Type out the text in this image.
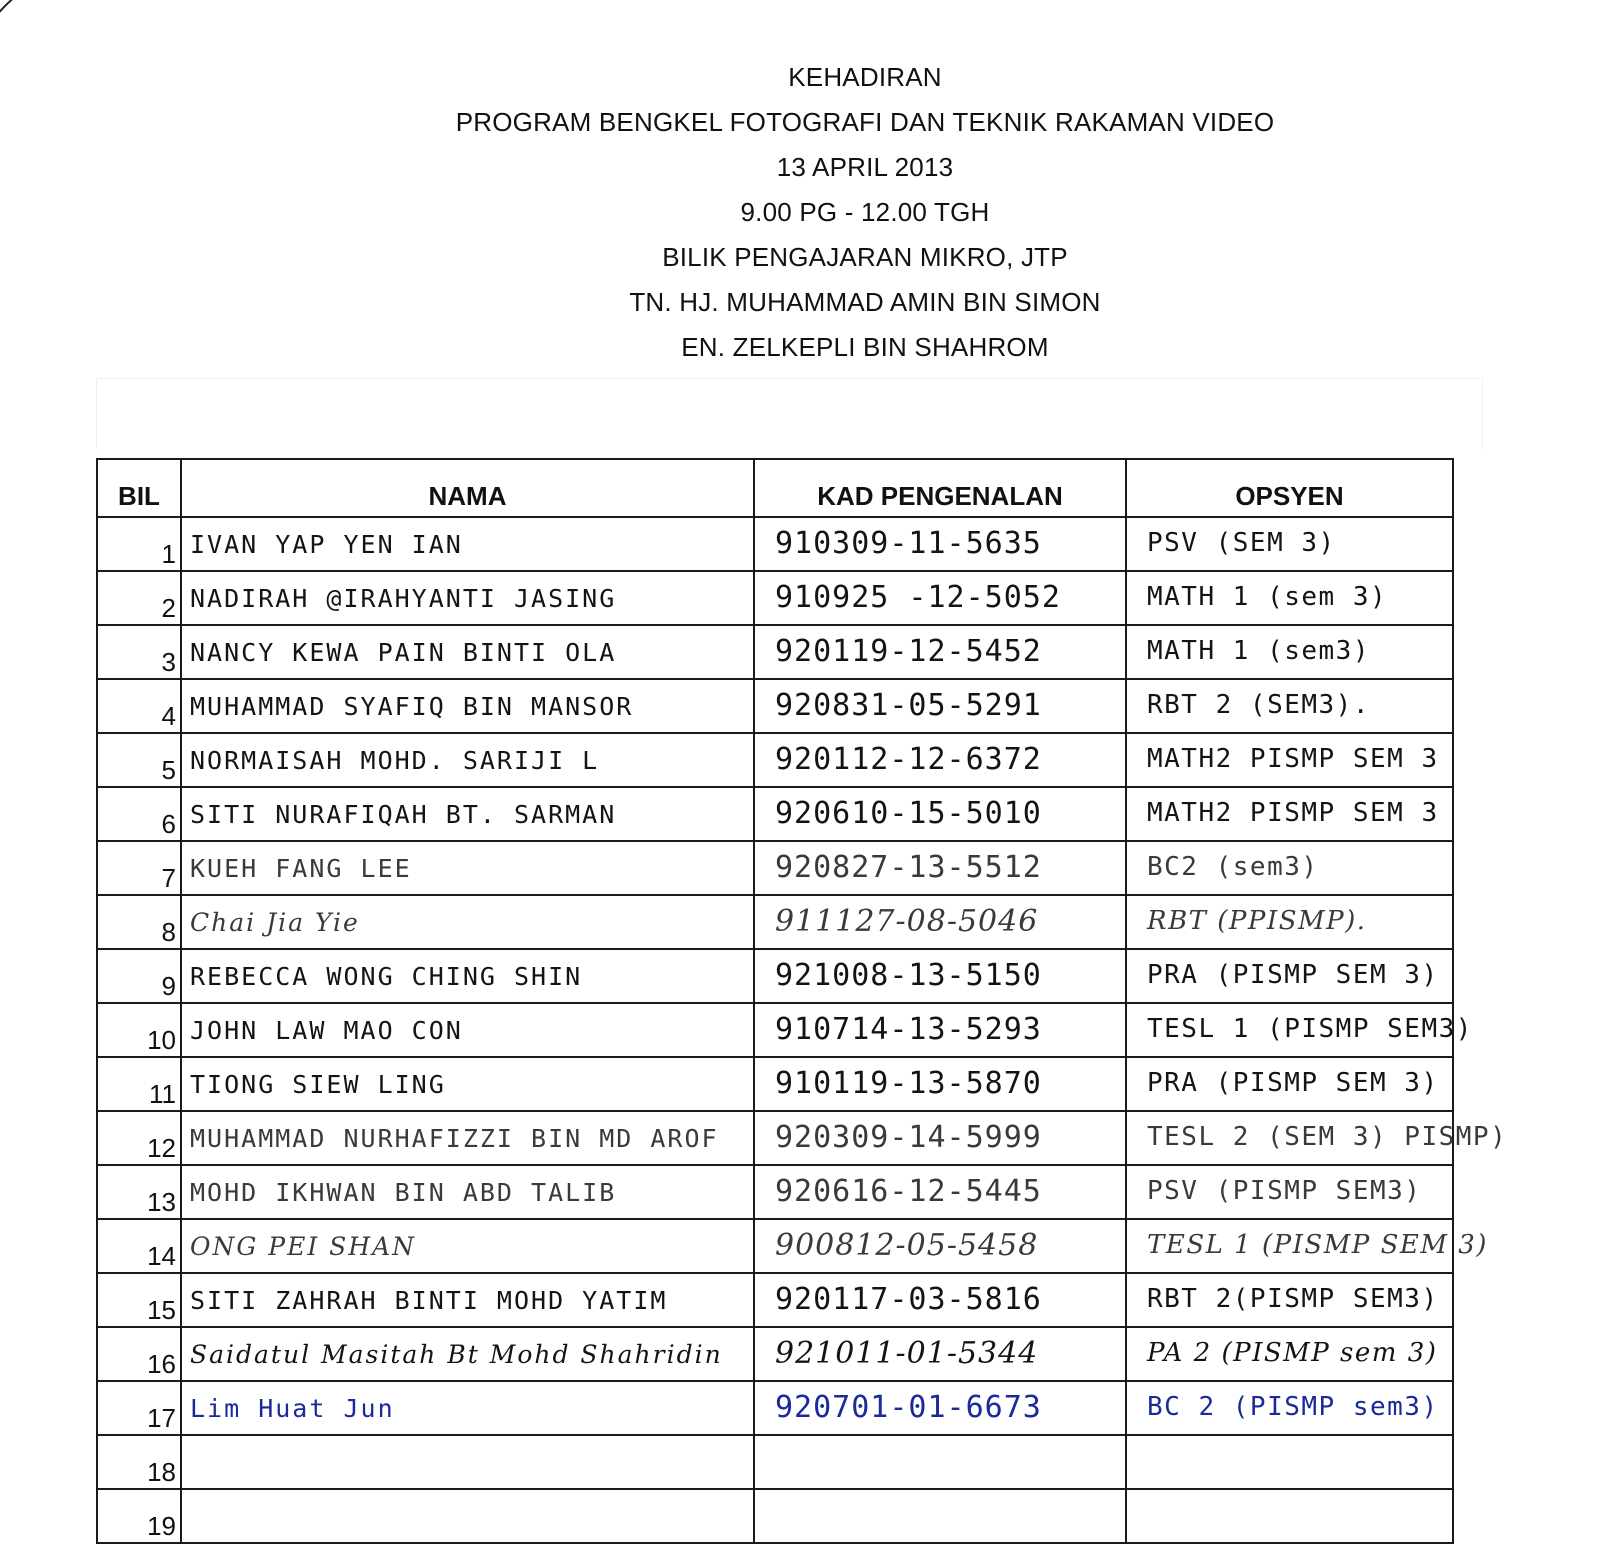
KEHADIRAN
PROGRAM BENGKEL FOTOGRAFI DAN TEKNIK RAKAMAN VIDEO
13 APRIL 2013
9.00 PG - 12.00 TGH
BILIK PENGAJARAN MIKRO, JTP
TN. HJ. MUHAMMAD AMIN BIN SIMON
EN. ZELKEPLI BIN SHAHROM
BIL	NAMA	KAD PENGENALAN	OPSYEN
1	IVAN YAP YEN IAN	910309-11-5635	PSV (SEM 3)

2	NADIRAH @IRAHYANTI JASING	910925 -12-5052	MATH 1 (sem 3)

3	NANCY KEWA PAIN BINTI OLA	920119-12-5452	MATH 1 (sem3)

4	MUHAMMAD SYAFIQ BIN MANSOR	920831-05-5291	RBT 2 (SEM3).

5	NORMAISAH MOHD. SARIJI L	920112-12-6372	MATH2 PISMP SEM 3

6	SITI NURAFIQAH BT. SARMAN	920610-15-5010	MATH2 PISMP SEM 3

7	KUEH FANG LEE	920827-13-5512	BC2 (sem3)

8	Chai Jia Yie	911127-08-5046	RBT (PPISMP).

9	REBECCA WONG CHING SHIN	921008-13-5150	PRA (PISMP SEM 3)

10	JOHN LAW MAO CON	910714-13-5293	TESL 1 (PISMP SEM3)

11	TIONG SIEW LING	910119-13-5870	PRA (PISMP SEM 3)

12	MUHAMMAD NURHAFIZZI BIN MD AROF	920309-14-5999	TESL 2 (SEM 3) PISMP)

13	MOHD IKHWAN BIN ABD TALIB	920616-12-5445	PSV (PISMP SEM3)

14	ONG PEI SHAN	900812-05-5458	TESL 1 (PISMP SEM 3)

15	SITI ZAHRAH BINTI MOHD YATIM	920117-03-5816	RBT 2(PISMP SEM3)

16	Saidatul Masitah Bt Mohd Shahridin	921011-01-5344	PA 2 (PISMP sem 3)

17	Lim Huat Jun	920701-01-6673	BC 2 (PISMP sem3)

18	

19	
